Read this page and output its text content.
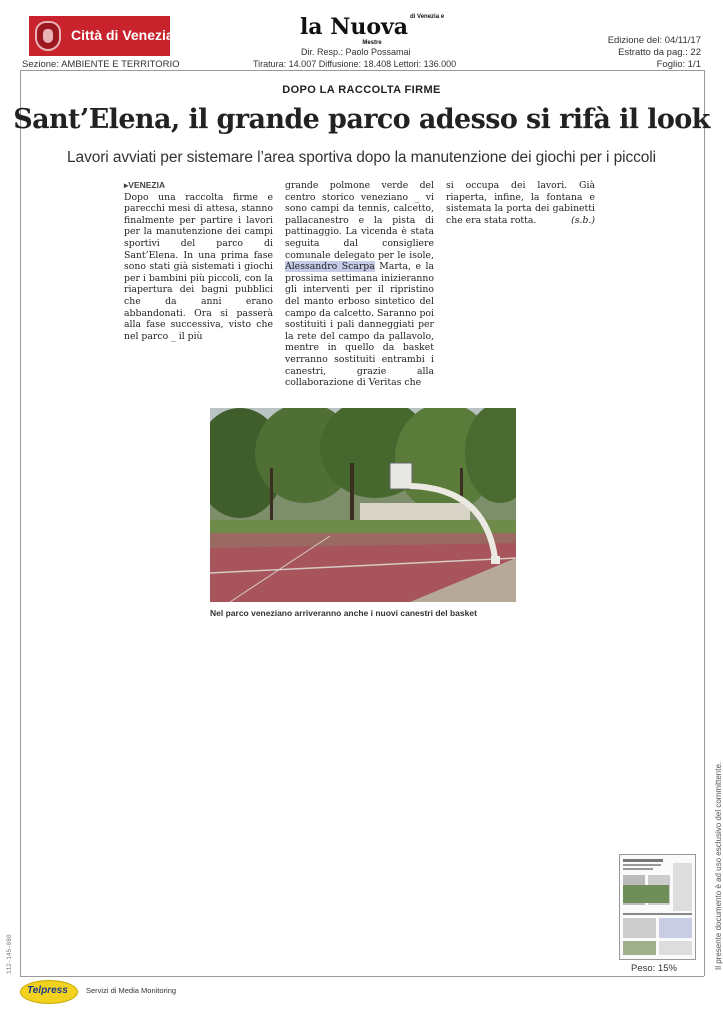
Città di Venezia	la Nuova $^{di Venezia e Mestre}$
Dir. Resp.: Paolo Possamai
Tiratura: 14.007 Diffusione: 18.408 Lettori: 136.000
Edizione del: 04/11/17
Estratto da pag.: 22
Foglio: 1/1
Sezione: AMBIENTE E TERRITORIO
DOPO LA RACCOLTA FIRME
Sant’Elena, il grande parco adesso si rifà il look
Lavori avviati per sistemare l’area sportiva dopo la manutenzione dei giochi per i piccoli
▸ VENEZIA
Dopo una raccolta firme e parecchi mesi di attesa, stanno finalmente per partire i lavori per la manutenzione dei campi sportivi del parco di Sant’Elena. In una prima fase sono stati già sistemati i giochi per i bambini più piccoli, con la riapertura dei bagni pubblici che da anni erano abbandonati. Ora si passerà alla fase successiva, visto che nel parco _ il più
grande polmone verde del centro storico veneziano _ vi sono campi da tennis, calcetto, pallacanestro e la pista di pattinaggio. La vicenda è stata seguita dal consigliere comunale delegato per le isole, Alessandro Scarpa Marta, e la prossima settimana inizieranno gli interventi per il ripristino del manto erboso sintetico del campo da calcetto. Saranno poi sostituiti i pali danneggiati per la rete del campo da pallavolo, mentre in quello da basket verranno sostituiti entrambi i canestri, grazie alla collaborazione di Veritas che
si occupa dei lavori. Già riaperta, infine, la fontana e sistemata la porta dei gabinetti che era stata rotta.	(s.b.)
Nel parco veneziano arriveranno anche i nuovi canestri del basket
Peso: 15%	Il presente documento è ad uso esclusivo del committente.
112-145-080
Telpress Servizi di Media Monitoring
